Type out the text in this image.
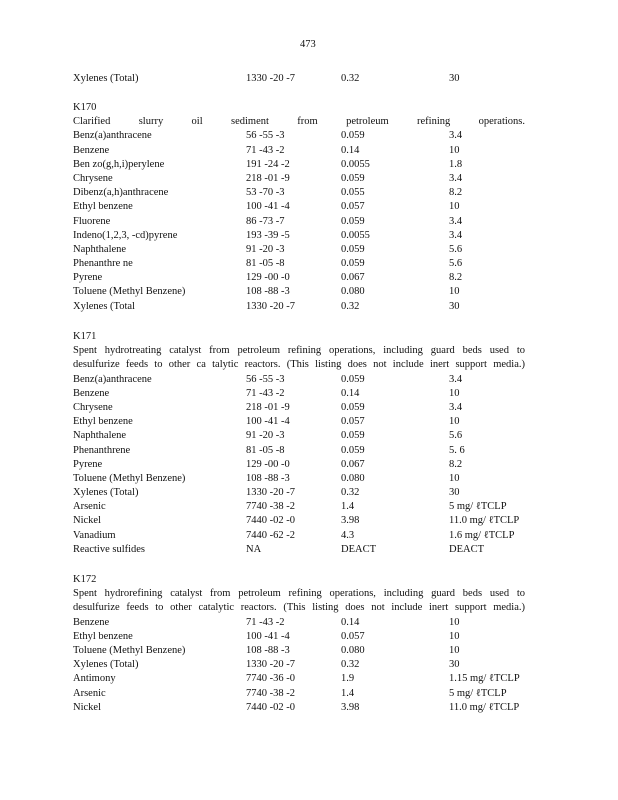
473
Xylenes (Total)	1330 -20 -7	0.32	30
K170
Clarified slurry oil sediment from petroleum refining operations.
Benz(a)anthracene	56 -55 -3	0.059	3.4
Benzene	71 -43 -2	0.14	10
Ben zo(g,h,i)perylene	191 -24 -2	0.0055	1.8
Chrysene	218 -01 -9	0.059	3.4
Dibenz(a,h)anthracene	53 -70 -3	0.055	8.2
Ethyl benzene	100 -41 -4	0.057	10
Fluorene	86 -73 -7	0.059	3.4
Indeno(1,2,3, -cd)pyrene	193 -39 -5	0.0055	3.4
Naphthalene	91 -20 -3	0.059	5.6
Phenanthre ne	81 -05 -8	0.059	5.6
Pyrene	129 -00 -0	0.067	8.2
Toluene (Methyl Benzene)	108 -88 -3	0.080	10
Xylenes (Total	1330 -20 -7	0.32	30
K171
Spent hydrotreating catalyst from petroleum refining operations, including guard beds used to
desulfurize feeds to other ca talytic reactors. (This listing does not include inert support media.)
Benz(a)anthracene	56 -55 -3	0.059	3.4
Benzene	71 -43 -2	0.14	10
Chrysene	218 -01 -9	0.059	3.4
Ethyl benzene	100 -41 -4	0.057	10
Naphthalene	91 -20 -3	0.059	5.6
Phenanthrene	81 -05 -8	0.059	5. 6
Pyrene	129 -00 -0	0.067	8.2
Toluene (Methyl Benzene)	108 -88 -3	0.080	10
Xylenes (Total)	1330 -20 -7	0.32	30
Arsenic	7740 -38 -2	1.4	5 mg/ ℓTCLP
Nickel	7440 -02 -0	3.98	11.0 mg/ ℓTCLP
Vanadium	7440 -62 -2	4.3	1.6 mg/ ℓTCLP
Reactive sulfides	NA	DEACT	DEACT
K172
Spent hydrorefining catalyst from petroleum refining operations, including guard beds used to
desulfurize feeds to other catalytic reactors. (This listing does not include inert support media.)
Benzene	71 -43 -2	0.14	10
Ethyl benzene	100 -41 -4	0.057	10
Toluene (Methyl Benzene)	108 -88 -3	0.080	10
Xylenes (Total)	1330 -20 -7	0.32	30
Antimony	7740 -36 -0	1.9	1.15 mg/ ℓTCLP
Arsenic	7740 -38 -2	1.4	5 mg/ ℓTCLP
Nickel	7440 -02 -0	3.98	11.0 mg/ ℓTCLP
